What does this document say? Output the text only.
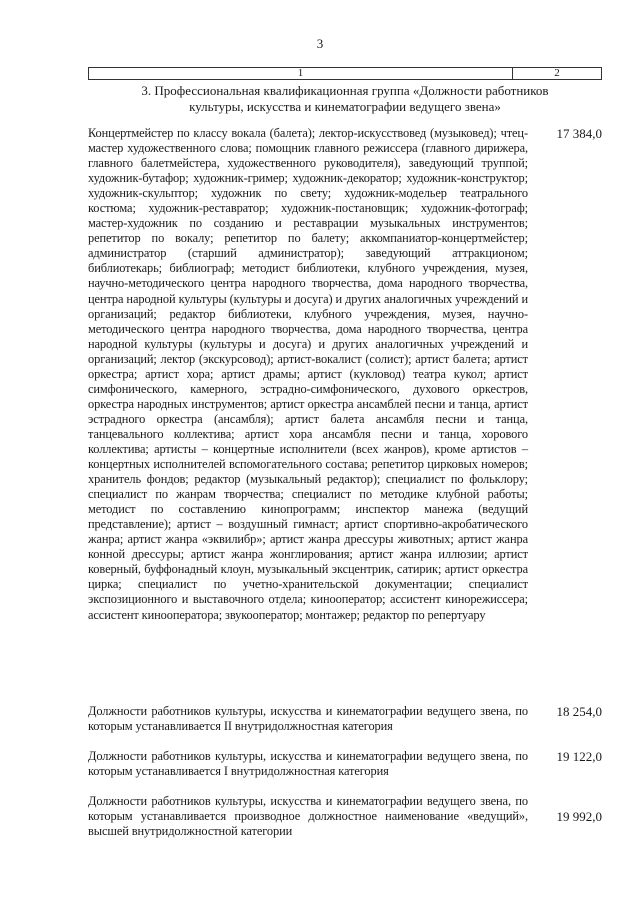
3
1	2
3. Профессиональная квалификационная группа «Должности работников
культуры, искусства и кинематографии ведущего звена»
Концертмейстер по классу вокала (балета); лектор-искусствовед (музыковед); чтец-мастер художественного слова; помощник главного режиссера (главного дирижера, главного балетмейстера, художественного руководителя), заведующий труппой; художник-бутафор; художник-гример; художник-декоратор; художник-конструктор; художник-скульптор; художник по свету; художник-модельер театрального костюма; художник-реставратор; художник-постановщик; художник-фотограф; мастер-художник по созданию и реставрации музыкальных инструментов; репетитор по вокалу; репетитор по балету; аккомпаниатор-концертмейстер; администратор (старший администратор); заведующий аттракционом; библиотекарь; библиограф; методист библиотеки, клубного учреждения, музея, научно-методического центра народного творчества, дома народного творчества, центра народной культуры (культуры и досуга) и других аналогичных учреждений и организаций; редактор библиотеки, клубного учреждения, музея, научно-методического центра народного творчества, дома народного творчества, центра народной культуры (культуры и досуга) и других аналогичных учреждений и организаций; лектор (экскурсовод); артист-вокалист (солист); артист балета; артист оркестра; артист хора; артист драмы; артист (кукловод) театра кукол; артист симфонического, камерного, эстрадно-симфонического, духового оркестров, оркестра народных инструментов; артист оркестра ансамблей песни и танца, артист эстрадного оркестра (ансамбля); артист балета ансамбля песни и танца, танцевального коллектива; артист хора ансамбля песни и танца, хорового коллектива; артисты – концертные исполнители (всех жанров), кроме артистов – концертных исполнителей вспомогательного состава; репетитор цирковых номеров; хранитель фондов; редактор (музыкальный редактор); специалист по фольклору; специалист по жанрам творчества; специалист по методике клубной работы; методист по составлению кинопрограмм; инспектор манежа (ведущий представление); артист – воздушный гимнаст; артист спортивно-акробатического жанра; артист жанра «эквилибр»; артист жанра дрессуры животных; артист жанра конной дрессуры; артист жанра жонглирования; артист жанра иллюзии; артист коверный, буффонадный клоун, музыкальный эксцентрик, сатирик; артист оркестра цирка; специалист по учетно-хранительской документации; специалист экспозиционного и выставочного отдела; кинооператор; ассистент кинорежиссера; ассистент кинооператора; звукооператор; монтажер; редактор по репертуару
17 384,0
Должности работников культуры, искусства и кинематографии ведущего звена, по которым устанавливается II внутридолжностная категория
18 254,0
Должности работников культуры, искусства и кинематографии ведущего звена, по которым устанавливается I внутридолжностная категория
19 122,0
Должности работников культуры, искусства и кинематографии ведущего звена, по которым устанавливается производное должностное наименование «ведущий», высшей внутридолжностной категории
19 992,0
